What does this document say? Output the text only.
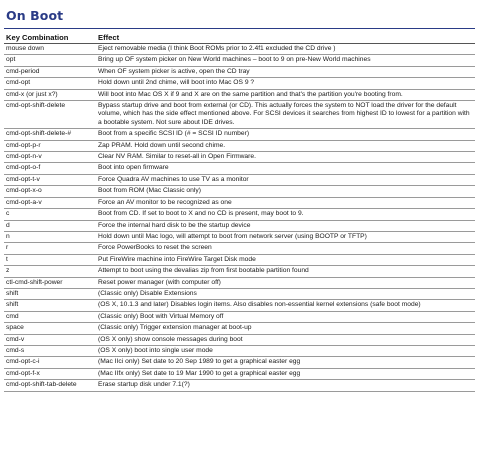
On Boot
Key Combination	Effect
mouse down	Eject removable media (I think Boot ROMs prior to 2.4f1 excluded the CD drive )
opt	Bring up OF system picker on New World machines – boot to 9 on pre-New World machines
cmd-period	When OF system picker is active, open the CD tray
cmd-opt	Hold down until 2nd chime, will boot into Mac OS 9 ?
cmd-x (or just x?)	Will boot into Mac OS X if 9 and X are on the same partition and that's the partition you're booting from.
cmd-opt-shift-delete	Bypass startup drive and boot from external (or CD). This actually forces the system to NOT load the driver for the default volume, which has the side effect mentioned above. For SCSI devices it searches from highest ID to lowest for a partition with a bootable system. Not sure about IDE drives.
cmd-opt-shift-delete-#	Boot from a specific SCSI ID (# = SCSI ID number)
cmd-opt-p-r	Zap PRAM. Hold down until second chime.
cmd-opt-n-v	Clear NV RAM. Similar to reset-all in Open Firmware.
cmd-opt-o-f	Boot into open firmware
cmd-opt-t-v	Force Quadra AV machines to use TV as a monitor
cmd-opt-x-o	Boot from ROM (Mac Classic only)
cmd-opt-a-v	Force an AV monitor to be recognized as one
c	Boot from CD. If set to boot to X and no CD is present, may boot to 9.
d	Force the internal hard disk to be the startup device
n	Hold down until Mac logo, will attempt to boot from network server (using BOOTP or TFTP)
r	Force PowerBooks to reset the screen
t	Put FireWire machine into FireWire Target Disk mode
z	Attempt to boot using the devalias zip from first bootable partition found
ctl-cmd-shift-power	Reset power manager (with computer off)
shift	(Classic only) Disable Extensions
shift	(OS X, 10.1.3 and later) Disables login items. Also disables non-essential kernel extensions (safe boot mode)
cmd	(Classic only) Boot with Virtual Memory off
space	(Classic only) Trigger extension manager at boot-up
cmd-v	(OS X only) show console messages during boot
cmd-s	(OS X only) boot into single user mode
cmd-opt-c-i	(Mac IIci only) Set date to 20 Sep 1989 to get a graphical easter egg
cmd-opt-f-x	(Mac IIfx only) Set date to 19 Mar 1990 to get a graphical easter egg
cmd-opt-shift-tab-delete	Erase startup disk under 7.1(?)
